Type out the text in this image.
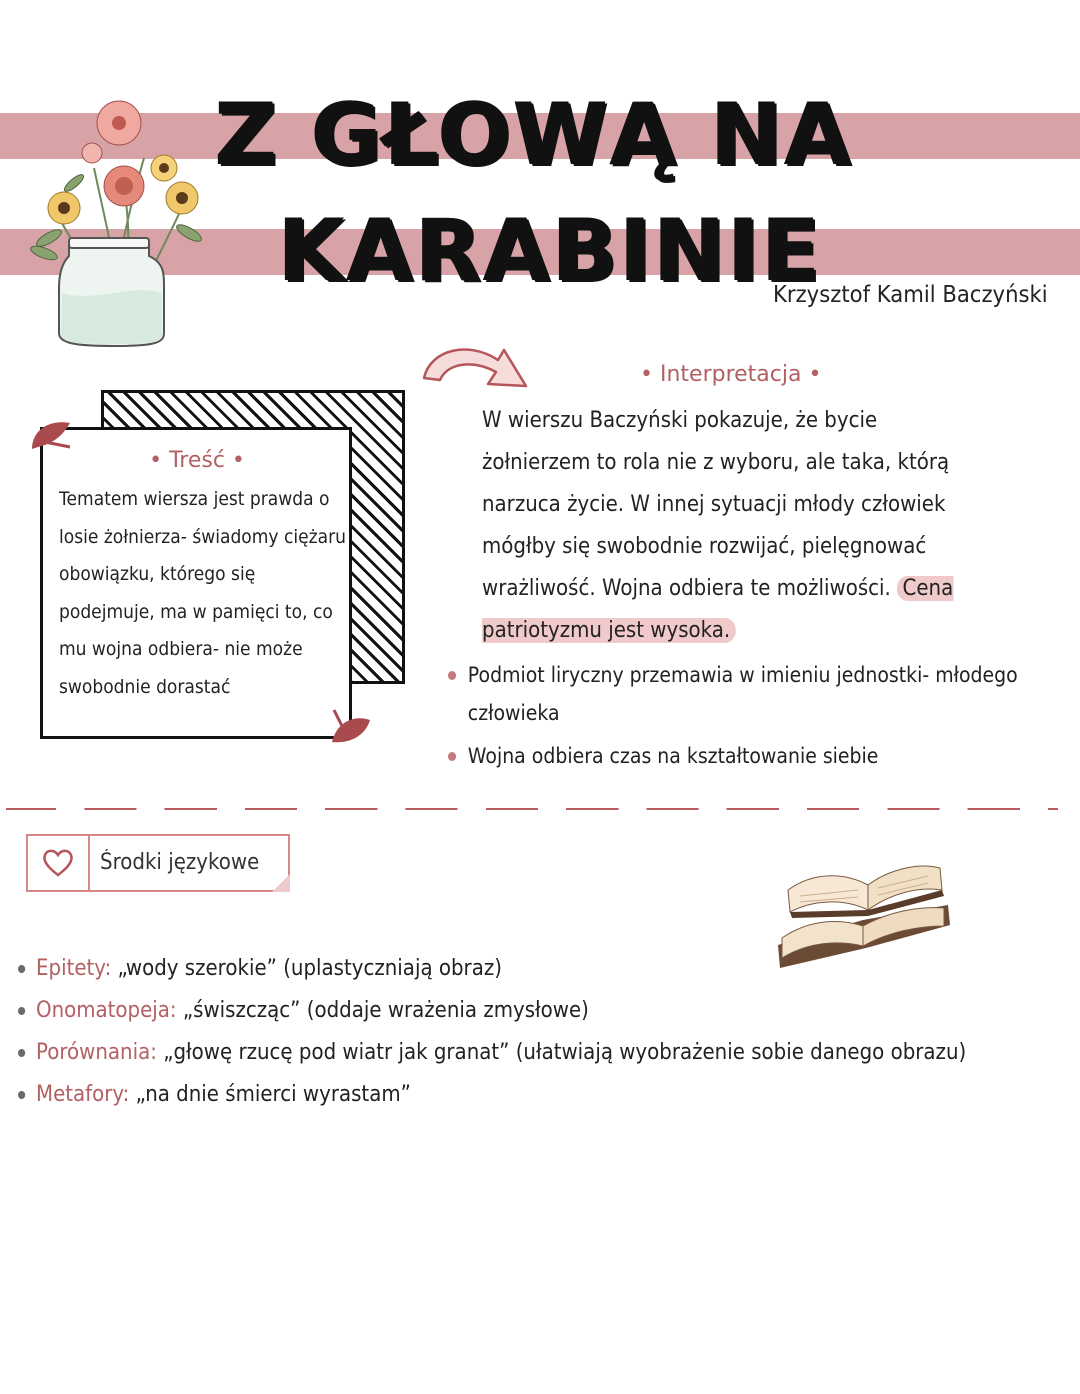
Z GŁOWĄ NA
KARABINIE
Krzysztof Kamil Baczyński
• Treść •
Tematem wiersza jest prawda o losie żołnierza- świadomy ciężaru obowiązku, którego się podejmuje, ma w pamięci to, co mu wojna odbiera- nie może swobodnie dorastać
• Interpretacja •
W wierszu Baczyński pokazuje, że bycie żołnierzem to rola nie z wyboru, ale taka, którą narzuca życie. W innej sytuacji młody człowiek mógłby się swobodnie rozwijać, pielęgnować wrażliwość. Wojna odbiera te możliwości. Cena patriotyzmu jest wysoka.
Podmiot liryczny przemawia w imieniu jednostki- młodego człowieka
Wojna odbiera czas na kształtowanie siebie
Środki językowe
Epitety: „wody szerokie” (uplastyczniają obraz)
Onomatopeja: „świszcząc” (oddaje wrażenia zmysłowe)
Porównania: „głowę rzucę pod wiatr jak granat” (ułatwiają wyobrażenie sobie danego obrazu)
Metafory: „na dnie śmierci wyrastam”
